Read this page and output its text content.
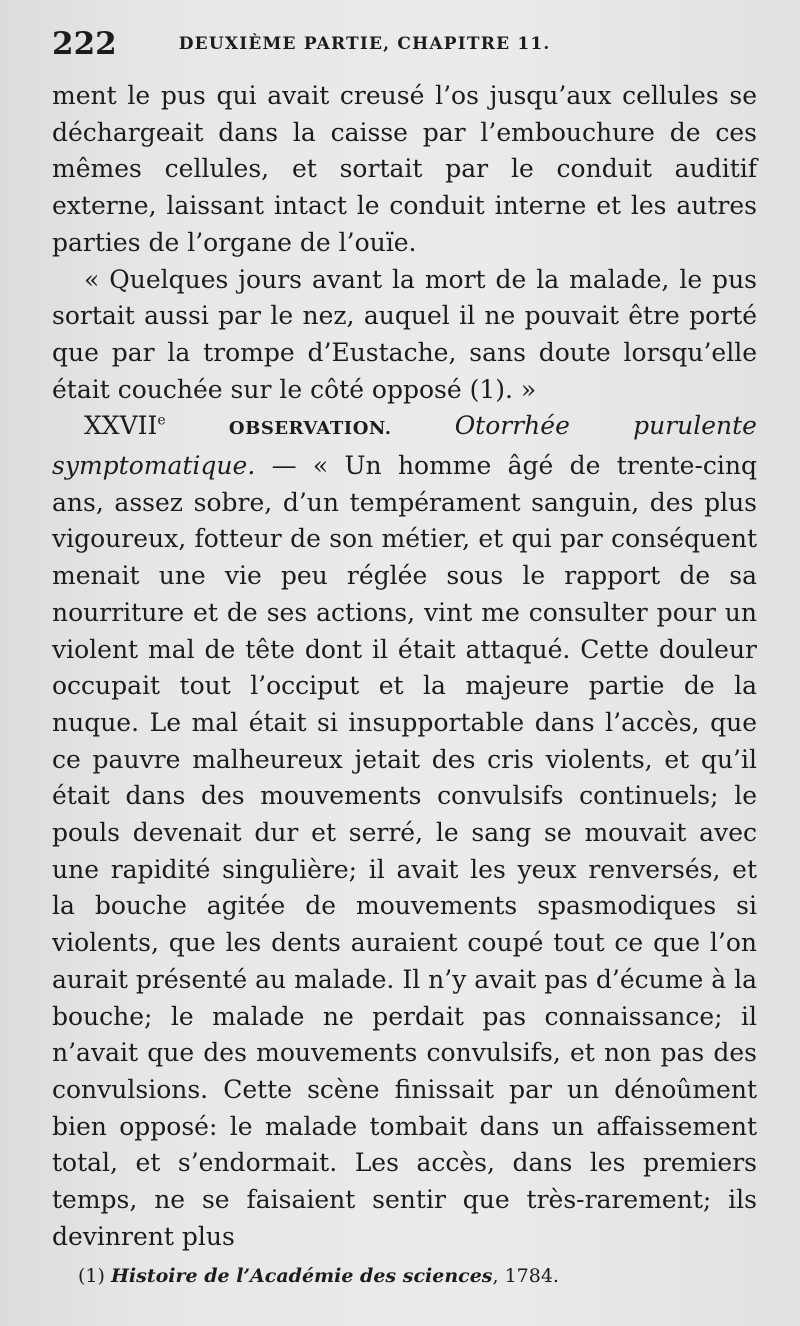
222	DEUXIÈME PARTIE, CHAPITRE 11.

ment le pus qui avait creusé l’os jusqu’aux cellules se déchargeait dans la caisse par l’embouchure de ces mêmes cellules, et sortait par le conduit auditif externe, laissant intact le conduit interne et les autres parties de l’organe de l’ouïe.

« Quelques jours avant la mort de la malade, le pus sortait aussi par le nez, auquel il ne pouvait être porté que par la trompe d’Eustache, sans doute lorsqu’elle était couchée sur le côté opposé (1). »

XXVIIe	OBSERVATION.	Otorrhée purulente symptomatique. — « Un homme âgé de trente-cinq ans, assez sobre, d’un tempérament sanguin, des plus vigoureux, fotteur de son métier, et qui par conséquent menait une vie peu réglée sous le rapport de sa nourriture et de ses actions, vint me consulter pour un violent mal de tête dont il était attaqué. Cette douleur occupait tout l’occiput et la majeure partie de la nuque. Le mal était si insupportable dans l’accès, que ce pauvre malheureux jetait des cris violents, et qu’il était dans des mouvements convulsifs continuels; le pouls devenait dur et serré, le sang se mouvait avec une rapidité singulière; il avait les yeux renversés, et la bouche agitée de mouvements spasmodiques si violents, que les dents auraient coupé tout ce que l’on aurait présenté au malade. Il n’y avait pas d’écume à la bouche; le malade ne perdait pas connaissance; il n’avait que des mouvements convulsifs, et non pas des convulsions. Cette scène finissait par un dénoûment bien opposé: le malade tombait dans un affaissement total, et s’endormait. Les accès, dans les premiers temps, ne se faisaient sentir que très-rarement; ils devinrent plus

(1) Histoire de l’Académie des sciences, 1784.
